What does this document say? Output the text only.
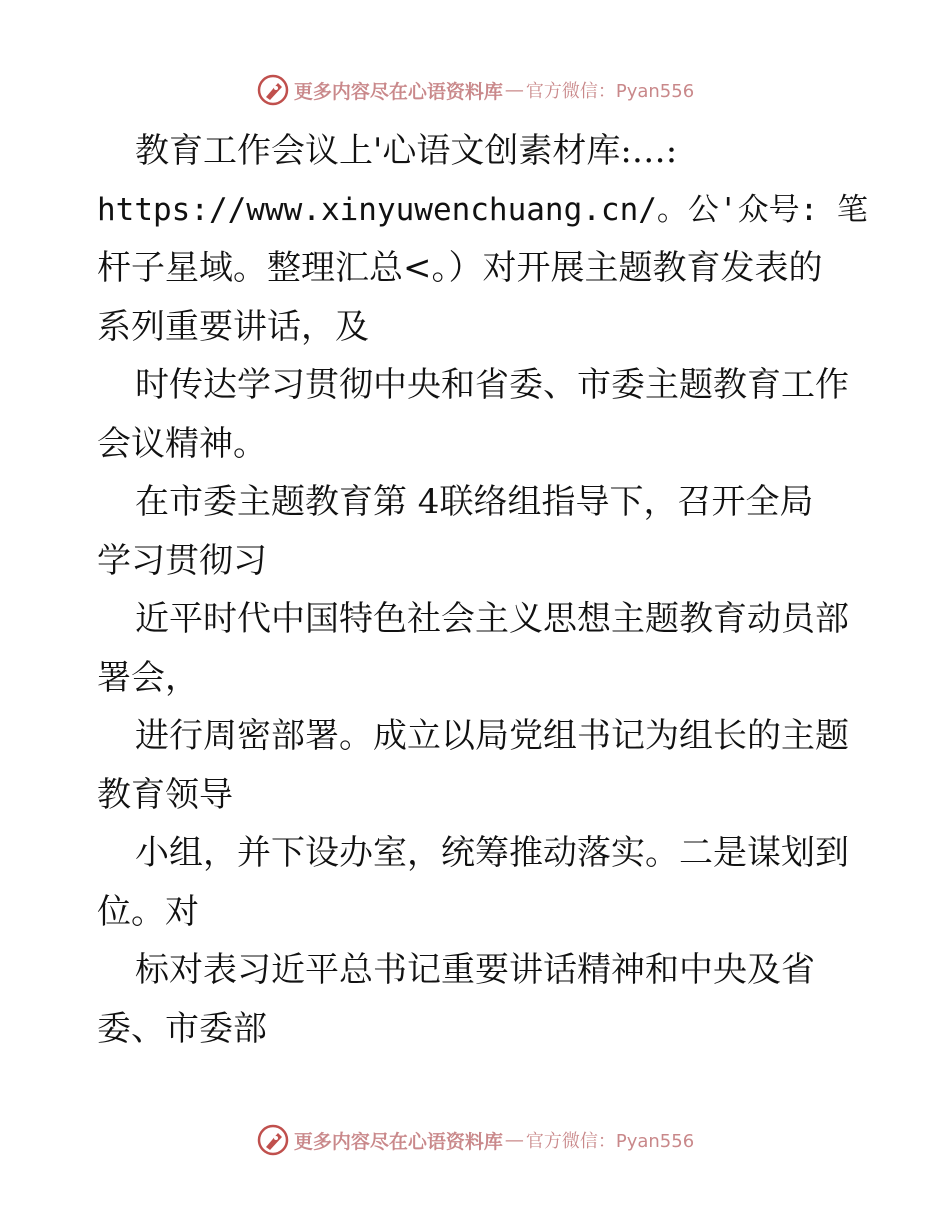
更多内容尽在心语资料库 — 官方微信：Pyan556
教育工作会议上'心语文创素材库:…:
https://www.xinyuwenchuang.cn/。公'众号: 笔
杆子星域。整理汇总<。）对开展主题教育发表的
系列重要讲话，及
时传达学习贯彻中央和省委、市委主题教育工作
会议精神。
在市委主题教育第 4联络组指导下，召开全局
学习贯彻习
近平时代中国特色社会主义思想主题教育动员部
署会，
进行周密部署。成立以局党组书记为组长的主题
教育领导
小组，并下设办室，统筹推动落实。二是谋划到
位。对
标对表习近平总书记重要讲话精神和中央及省
委、市委部
更多内容尽在心语资料库 — 官方微信：Pyan556
